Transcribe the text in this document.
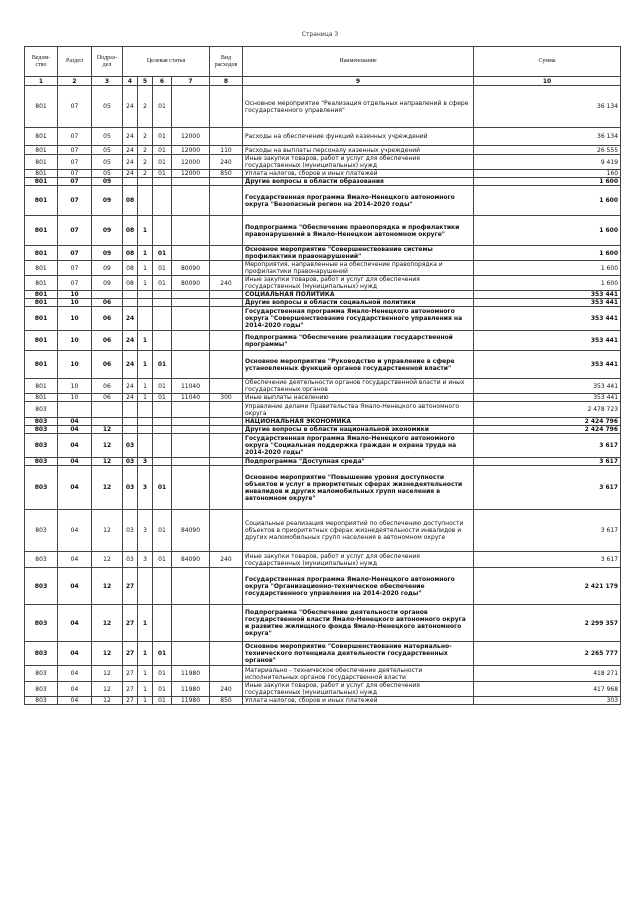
Страница 3
Ведом-ство	Раздел	Подраз-дел	Целевая статья				Вид расходов	Наименование	Сумма
1	2	3	4	5	6	7	8	9	10
801	07	05	24	2	01			Основное мероприятие "Реализация отдельных направлений в сфере государственного управления"	36 134
801	07	05	24	2	01	12000		Расходы на обеспечение функций казенных учреждений	36 134
801	07	05	24	2	01	12000	110	Расходы на выплаты персоналу казенных учреждений	26 555
801	07	05	24	2	01	12000	240	Иные закупки товаров, работ и услуг для обеспечения государственных (муниципальных) нужд	9 419
801	07	05	24	2	01	12000	850	Уплата налогов, сборов и иных платежей	160
801	07	09						Другие вопросы в области образования	1 600
801	07	09	08					Государственная программа Ямало-Ненецкого автономного округа "Безопасный регион на 2014-2020 годы"	1 600
801	07	09	08	1				Подпрограмма "Обеспечение правопорядка и профилактики правонарушений в Ямало-Ненецком автономном округе"	1 600
801	07	09	08	1	01			Основное мероприятие "Совершенствование системы профилактики правонарушений"	1 600
801	07	09	08	1	01	80090		Мероприятия, направленные на обеспечение правопорядка и профилактики правонарушений	1 600
801	07	09	08	1	01	80090	240	Иные закупки товаров, работ и услуг для обеспечения государственных (муниципальных) нужд	1 600
801	10							СОЦИАЛЬНАЯ ПОЛИТИКА	353 441
801	10	06						Другие вопросы в области социальной политики	353 441
801	10	06	24					Государственная программа Ямало-Ненецкого автономного округа "Совершенствование государственного управления на 2014-2020 годы"	353 441
801	10	06	24	1				Подпрограмма "Обеспечение реализации государственной программы"	353 441
801	10	06	24	1	01			Основное мероприятие "Руководство и управление в сфере установленных функций органов государственной власти"	353 441
801	10	06	24	1	01	11040		Обеспечение деятельности органов государственной власти и иных государственных органов	353 441
801	10	06	24	1	01	11040	300	Иные выплаты населению	353 441
803								Управление делами Правительства Ямало-Ненецкого автономного округа	2 478 723
803	04							НАЦИОНАЛЬНАЯ ЭКОНОМИКА	2 424 796
803	04	12						Другие вопросы в области национальной экономики	2 424 796
803	04	12	03					Государственная программа Ямало-Ненецкого автономного округа "Социальная поддержка граждан и охрана труда на 2014-2020 годы"	3 617
803	04	12	03	3				Подпрограмма "Доступная среда"	3 617
803	04	12	03	3	01			Основное мероприятие "Повышение уровня доступности объектов и услуг в приоритетных сферах жизнедеятельности инвалидов и других маломобильных групп населения в автономном округе"	3 617
803	04	12	03	3	01	84090		Социальные реализация мероприятий по обеспечению доступности объектов в приоритетных сферах жизнедеятельности инвалидов и других маломобильных групп населения в автономном округе	3 617
803	04	12	03	3	01	84090	240	Иные закупки товаров, работ и услуг для обеспечения государственных (муниципальных) нужд	3 617
803	04	12	27					Государственная программа Ямало-Ненецкого автономного округа "Организационно-техническое обеспечение государственного управления на 2014-2020 годы"	2 421 179
803	04	12	27	1				Подпрограмма "Обеспечение деятельности органов государственной власти Ямало-Ненецкого автономного округа и развитие жилищного фонда Ямало-Ненецкого автономного округа"	2 299 357
803	04	12	27	1	01			Основное мероприятие "Совершенствование материально-технического потенциала деятельности государственных органов"	2 265 777
803	04	12	27	1	01	11980		Материально - техническое обеспечение деятельности исполнительных органов государственной власти	418 271
803	04	12	27	1	01	11980	240	Иные закупки товаров, работ и услуг для обеспечения государственных (муниципальных) нужд	417 968
803	04	12	27	1	01	11980	850	Уплата налогов, сборов и иных платежей	303
